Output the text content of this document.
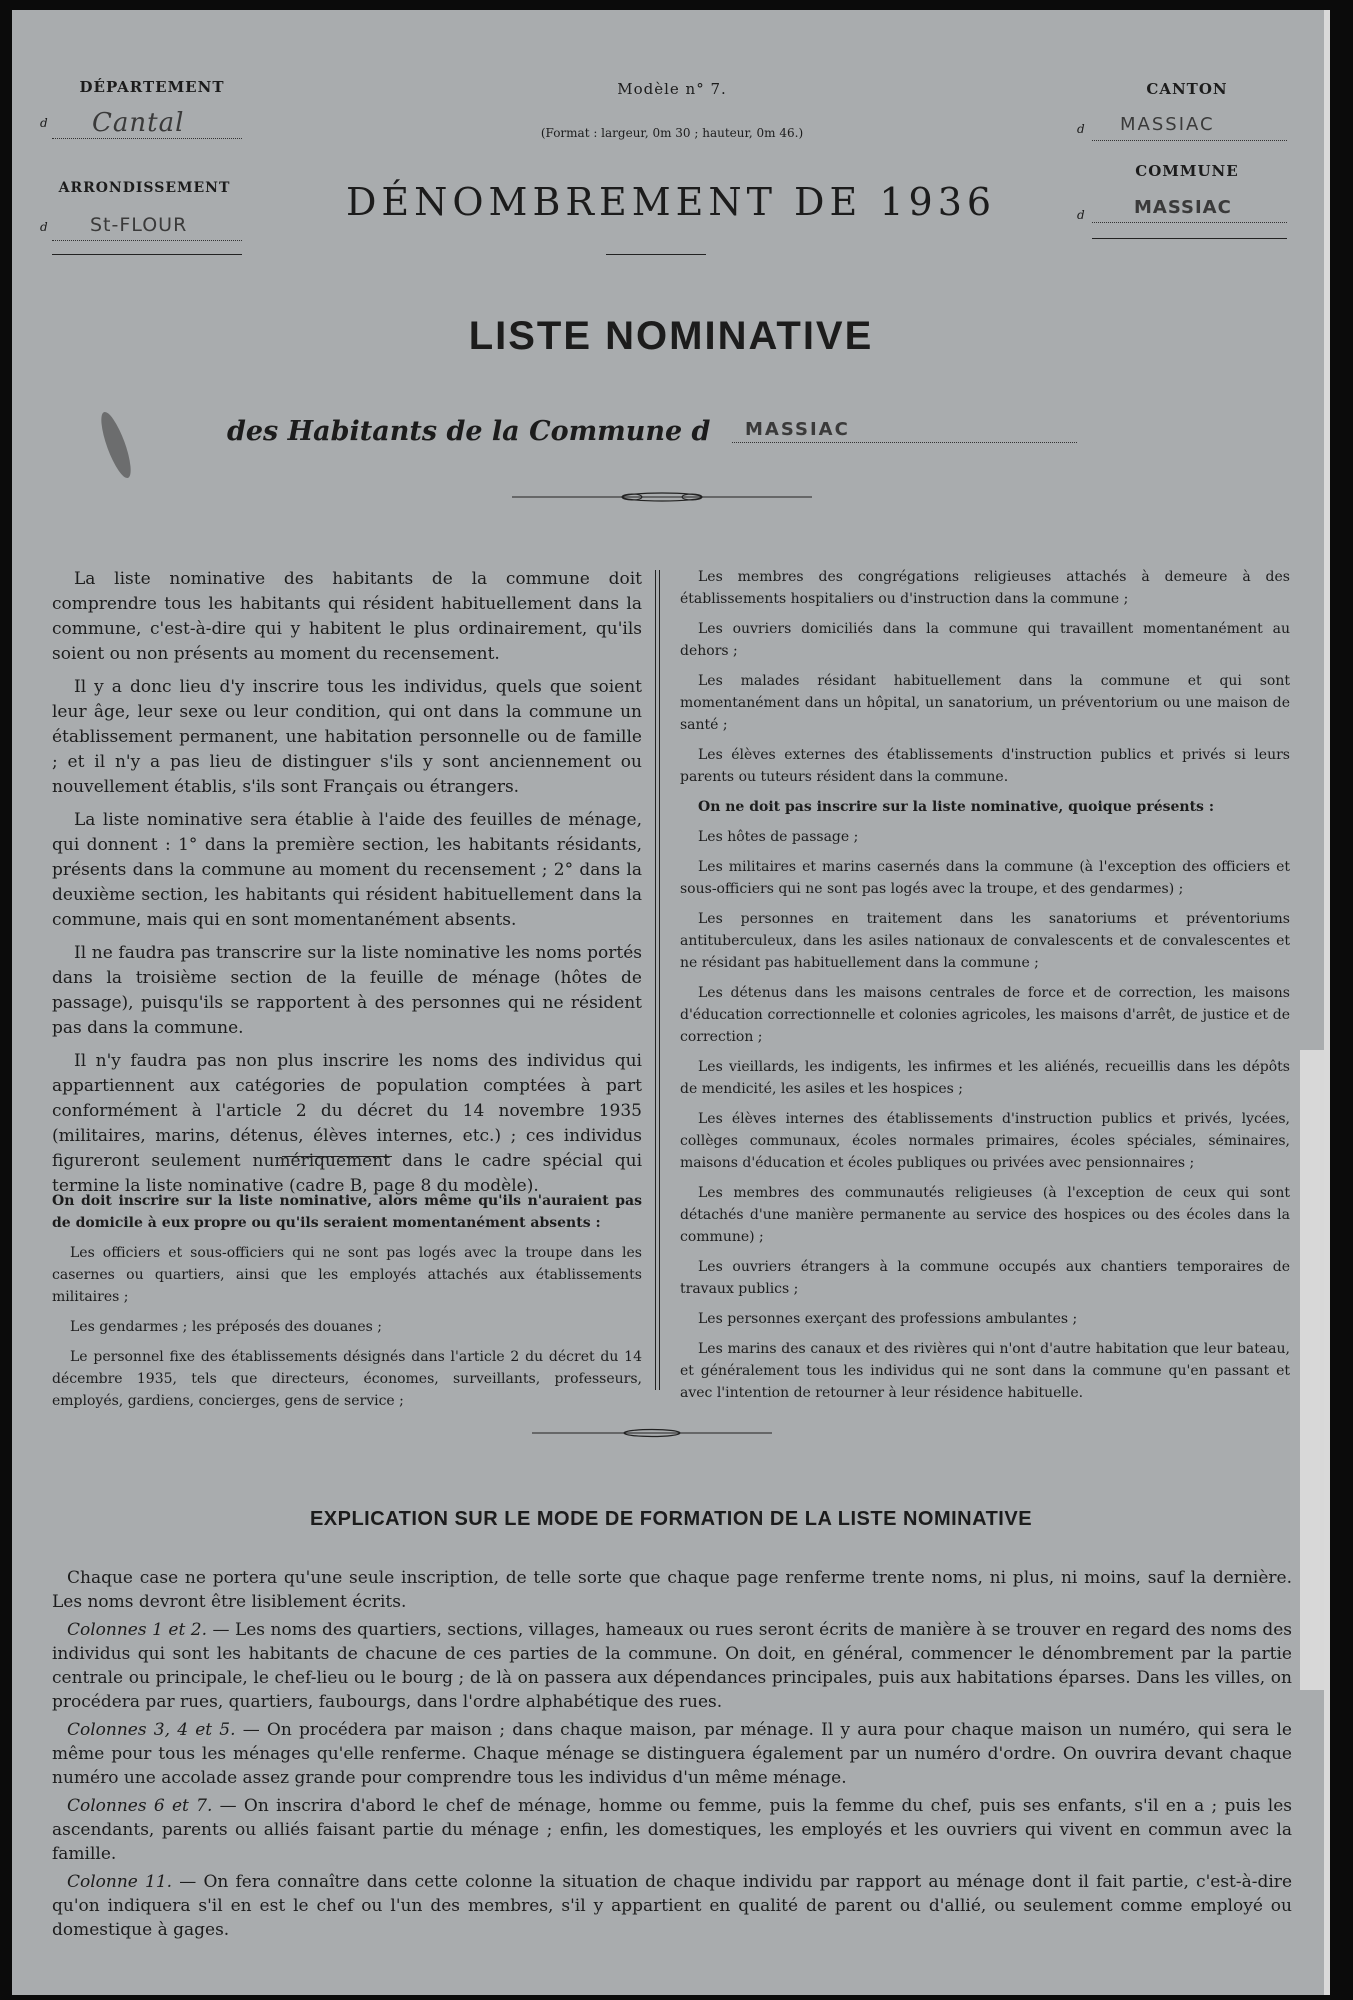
DÉPARTEMENT
d Cantal
ARRONDISSEMENT
d St-FLOUR
Modèle n° 7.
(Format : largeur, 0m 30 ; hauteur, 0m 46.)
CANTON
d MASSIAC
COMMUNE
d	MASSIAC
DÉNOMBREMENT DE 1936
LISTE NOMINATIVE
des Habitants de la Commune d MASSIAC

La liste nominative des habitants de la commune doit comprendre tous les habitants qui résident habituellement dans la commune, c'est-à-dire qui y habitent le plus ordinairement, qu'ils soient ou non présents au moment du recensement.

Il y a donc lieu d'y inscrire tous les individus, quels que soient leur âge, leur sexe ou leur condition, qui ont dans la commune un établissement permanent, une habitation personnelle ou de famille ; et il n'y a pas lieu de distinguer s'ils y sont anciennement ou nouvellement établis, s'ils sont Français ou étrangers.

La liste nominative sera établie à l'aide des feuilles de ménage, qui donnent : 1° dans la première section, les habitants résidants, présents dans la commune au moment du recensement ; 2° dans la deuxième section, les habitants qui résident habituellement dans la commune, mais qui en sont momentanément absents.

Il ne faudra pas transcrire sur la liste nominative les noms portés dans la troisième section de la feuille de ménage (hôtes de passage), puisqu'ils se rapportent à des personnes qui ne résident pas dans la commune.

Il n'y faudra pas non plus inscrire les noms des individus qui appartiennent aux catégories de population comptées à part conformément à l'article 2 du décret du 14 novembre 1935 (militaires, marins, détenus, élèves internes, etc.) ; ces individus figureront seulement numériquement dans le cadre spécial qui termine la liste nominative (cadre B, page 8 du modèle).

On doit inscrire sur la liste nominative, alors même qu'ils n'auraient pas de domicile à eux propre ou qu'ils seraient momentanément absents :

Les officiers et sous-officiers qui ne sont pas logés avec la troupe dans les casernes ou quartiers, ainsi que les employés attachés aux établissements militaires ;

Les gendarmes ; les préposés des douanes ;

Le personnel fixe des établissements désignés dans l'article 2 du décret du 14 décembre 1935, tels que directeurs, économes, surveillants, professeurs, employés, gardiens, concierges, gens de service ;

Les membres des congrégations religieuses attachés à demeure à des établissements hospitaliers ou d'instruction dans la commune ;

Les ouvriers domiciliés dans la commune qui travaillent momentanément au dehors ;

Les malades résidant habituellement dans la commune et qui sont momentanément dans un hôpital, un sanatorium, un préventorium ou une maison de santé ;

Les élèves externes des établissements d'instruction publics et privés si leurs parents ou tuteurs résident dans la commune.

On ne doit pas inscrire sur la liste nominative, quoique présents :

Les hôtes de passage ;

Les militaires et marins casernés dans la commune (à l'exception des officiers et sous-officiers qui ne sont pas logés avec la troupe, et des gendarmes) ;

Les personnes en traitement dans les sanatoriums et préventoriums antituberculeux, dans les asiles nationaux de convalescents et de convalescentes et ne résidant pas habituellement dans la commune ;

Les détenus dans les maisons centrales de force et de correction, les maisons d'éducation correctionnelle et colonies agricoles, les maisons d'arrêt, de justice et de correction ;

Les vieillards, les indigents, les infirmes et les aliénés, recueillis dans les dépôts de mendicité, les asiles et les hospices ;

Les élèves internes des établissements d'instruction publics et privés, lycées, collèges communaux, écoles normales primaires, écoles spéciales, séminaires, maisons d'éducation et écoles publiques ou privées avec pensionnaires ;

Les membres des communautés religieuses (à l'exception de ceux qui sont détachés d'une manière permanente au service des hospices ou des écoles dans la commune) ;

Les ouvriers étrangers à la commune occupés aux chantiers temporaires de travaux publics ;

Les personnes exerçant des professions ambulantes ;

Les marins des canaux et des rivières qui n'ont d'autre habitation que leur bateau, et généralement tous les individus qui ne sont dans la commune qu'en passant et avec l'intention de retourner à leur résidence habituelle.

EXPLICATION SUR LE MODE DE FORMATION DE LA LISTE NOMINATIVE

Chaque case ne portera qu'une seule inscription, de telle sorte que chaque page renferme trente noms, ni plus, ni moins, sauf la dernière. Les noms devront être lisiblement écrits.

Colonnes 1 et 2. — Les noms des quartiers, sections, villages, hameaux ou rues seront écrits de manière à se trouver en regard des noms des individus qui sont les habitants de chacune de ces parties de la commune. On doit, en général, commencer le dénombrement par la partie centrale ou principale, le chef-lieu ou le bourg ; de là on passera aux dépendances principales, puis aux habitations éparses. Dans les villes, on procédera par rues, quartiers, faubourgs, dans l'ordre alphabétique des rues.

Colonnes 3, 4 et 5. — On procédera par maison ; dans chaque maison, par ménage. Il y aura pour chaque maison un numéro, qui sera le même pour tous les ménages qu'elle renferme. Chaque ménage se distinguera également par un numéro d'ordre. On ouvrira devant chaque numéro une accolade assez grande pour comprendre tous les individus d'un même ménage.

Colonnes 6 et 7. — On inscrira d'abord le chef de ménage, homme ou femme, puis la femme du chef, puis ses enfants, s'il en a ; puis les ascendants, parents ou alliés faisant partie du ménage ; enfin, les domestiques, les employés et les ouvriers qui vivent en commun avec la famille.

Colonne 11. — On fera connaître dans cette colonne la situation de chaque individu par rapport au ménage dont il fait partie, c'est-à-dire qu'on indiquera s'il en est le chef ou l'un des membres, s'il y appartient en qualité de parent ou d'allié, ou seulement comme employé ou domestique à gages.
